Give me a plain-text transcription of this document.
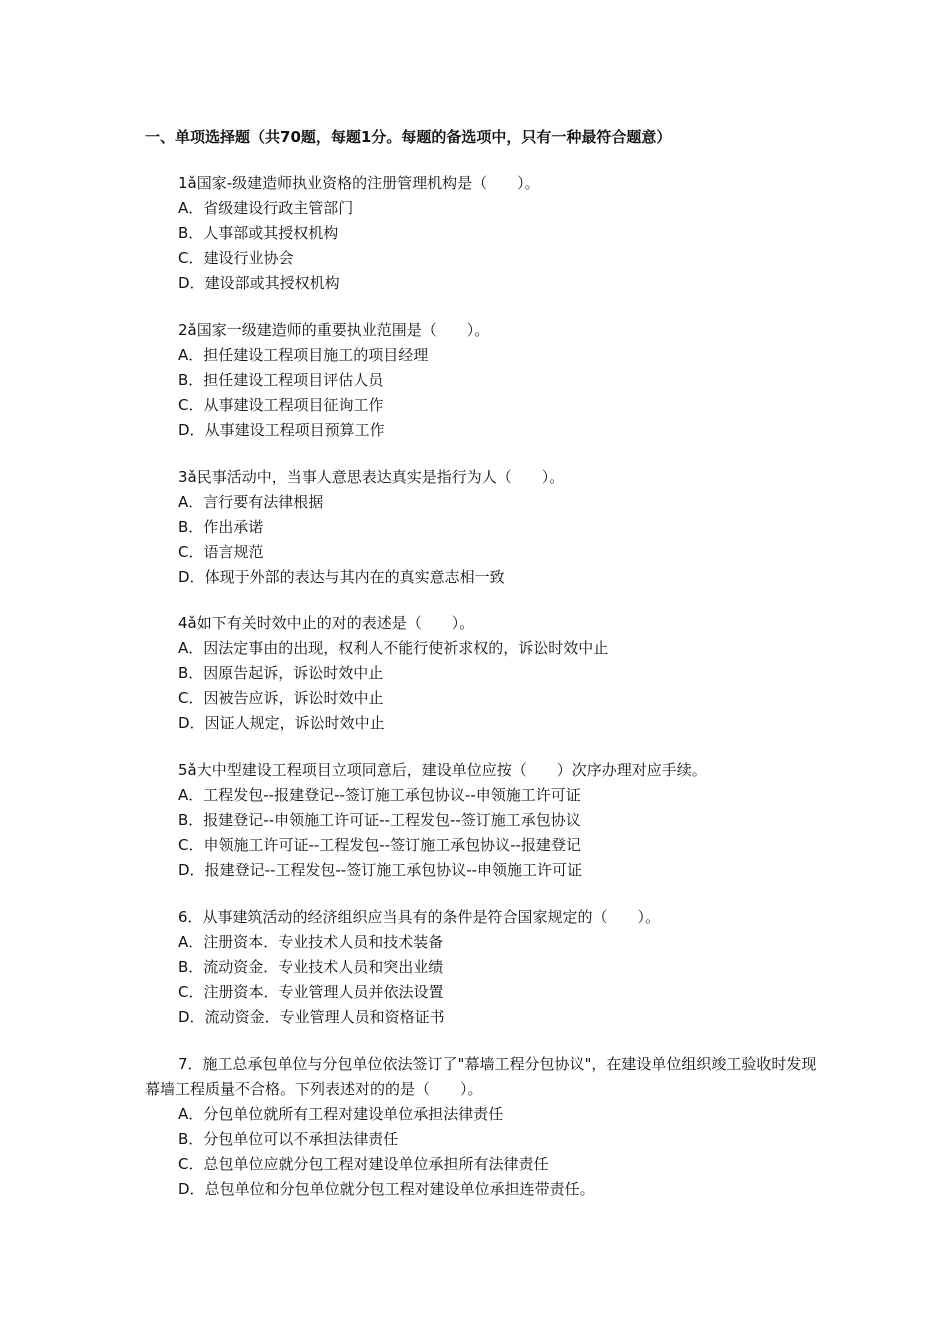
一、单项选择题（共70题，每题1分。每题的备选项中，只有一种最符合题意）
1ǎ国家-级建造师执业资格的注册管理机构是（　　）。
A．省级建设行政主管部门
B．人事部或其授权机构
C．建设行业协会
D．建设部或其授权机构
2ǎ国家一级建造师的重要执业范围是（　　）。
A．担任建设工程项目施工的项目经理
B．担任建设工程项目评估人员
C．从事建设工程项目征询工作
D．从事建设工程项目预算工作
3ǎ民事活动中，当事人意思表达真实是指行为人（　　）。
A．言行要有法律根据
B．作出承诺
C．语言规范
D．体现于外部的表达与其内在的真实意志相一致
4ǎ如下有关时效中止的对的表述是（　　）。
A．因法定事由的出现，权利人不能行使祈求权的，诉讼时效中止
B．因原告起诉，诉讼时效中止
C．因被告应诉，诉讼时效中止
D．因证人规定，诉讼时效中止
5ǎ大中型建设工程项目立项同意后，建设单位应按（　　）次序办理对应手续。
A．工程发包--报建登记--签订施工承包协议--申领施工许可证
B．报建登记--申领施工许可证--工程发包--签订施工承包协议
C．申领施工许可证--工程发包--签订施工承包协议--报建登记
D．报建登记--工程发包--签订施工承包协议--申领施工许可证
6．从事建筑活动的经济组织应当具有的条件是符合国家规定的（　　）。
A．注册资本．专业技术人员和技术装备
B．流动资金．专业技术人员和突出业绩
C．注册资本．专业管理人员并依法设置
D．流动资金．专业管理人员和资格证书
7．施工总承包单位与分包单位依法签订了"幕墙工程分包协议"，在建设单位组织竣工验收时发现幕墙工程质量不合格。下列表述对的的是（　　）。
A．分包单位就所有工程对建设单位承担法律责任
B．分包单位可以不承担法律责任
C．总包单位应就分包工程对建设单位承担所有法律责任
D．总包单位和分包单位就分包工程对建设单位承担连带责任。
